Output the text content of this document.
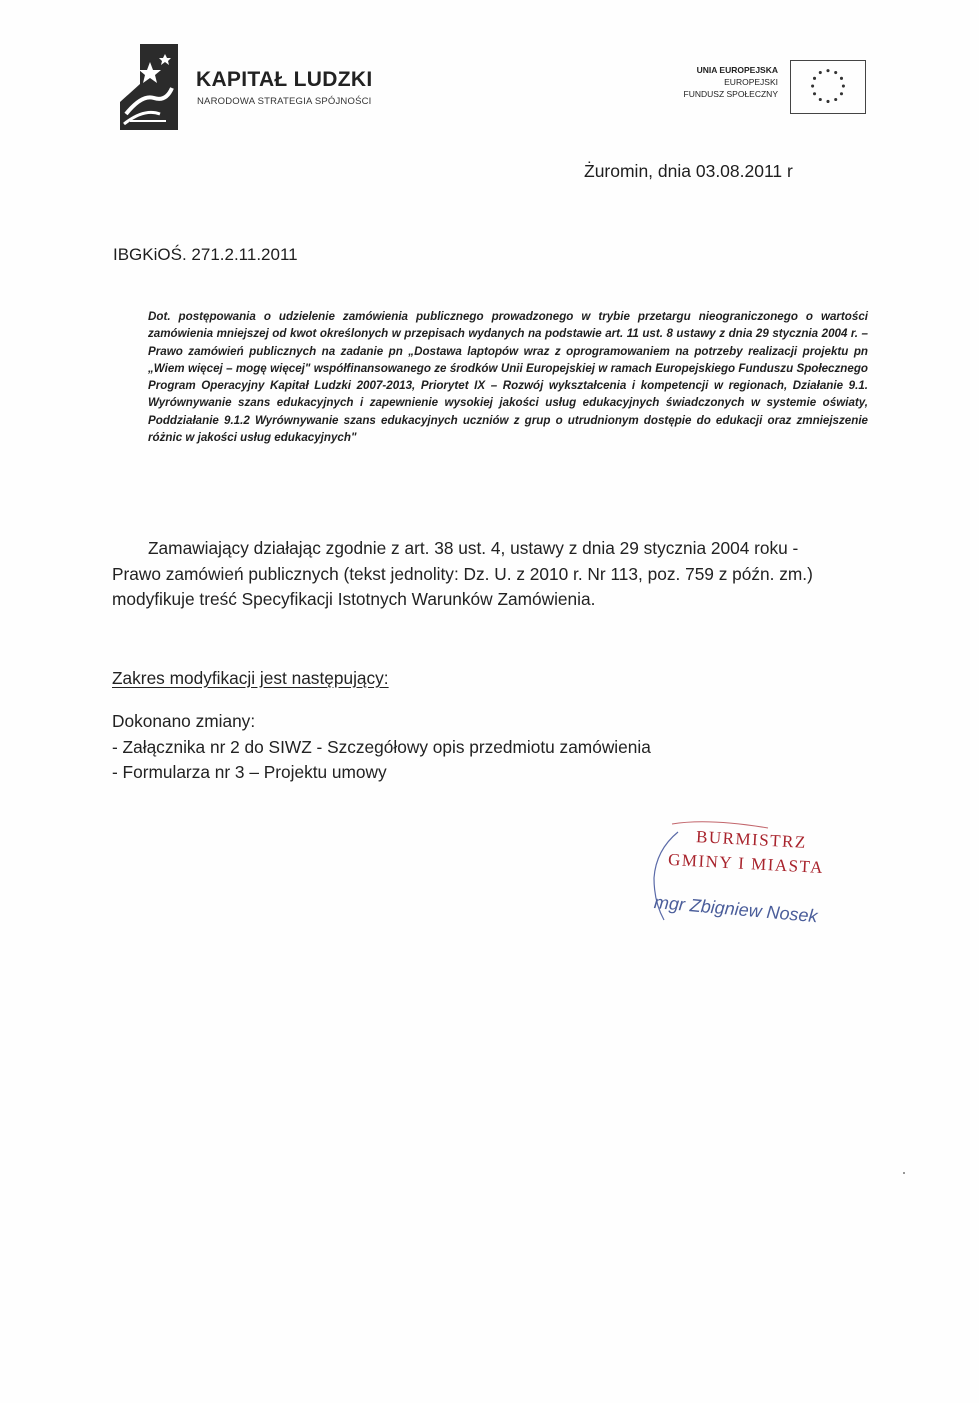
KAPITAŁ LUDZKI
NARODOWA STRATEGIA SPÓJNOŚCI
UNIA EUROPEJSKA
EUROPEJSKI
FUNDUSZ SPOŁECZNY
Żuromin, dnia 03.08.2011 r
IBGKiOŚ. 271.2.11.2011
Dot. postępowania o udzielenie zamówienia publicznego prowadzonego w trybie przetargu nieograniczonego o wartości zamówienia mniejszej od kwot określonych w przepisach wydanych na podstawie art. 11 ust. 8 ustawy z dnia 29 stycznia 2004 r. – Prawo zamówień publicznych na zadanie pn „Dostawa laptopów wraz z oprogramowaniem na potrzeby realizacji projektu pn „Wiem więcej – mogę więcej" współfinansowanego ze środków Unii Europejskiej w ramach Europejskiego Funduszu Społecznego Program Operacyjny Kapitał Ludzki 2007-2013, Priorytet IX – Rozwój wykształcenia i kompetencji w regionach, Działanie 9.1. Wyrównywanie szans edukacyjnych i zapewnienie wysokiej jakości usług edukacyjnych świadczonych w systemie oświaty, Poddziałanie 9.1.2 Wyrównywanie szans edukacyjnych uczniów z grup o utrudnionym dostępie do edukacji oraz zmniejszenie różnic w jakości usług edukacyjnych"
Zamawiający działając zgodnie z art. 38 ust. 4, ustawy z dnia 29 stycznia 2004 roku -
Prawo zamówień publicznych (tekst jednolity: Dz. U. z 2010 r. Nr 113, poz. 759 z późn. zm.)
modyfikuje treść Specyfikacji Istotnych Warunków Zamówienia.
Zakres modyfikacji jest następujący:
Dokonano zmiany:
- Załącznika nr 2 do SIWZ - Szczegółowy opis przedmiotu zamówienia
- Formularza nr 3 – Projektu umowy
BURMISTRZ
GMINY I MIASTA
mgr Zbigniew Nosek
